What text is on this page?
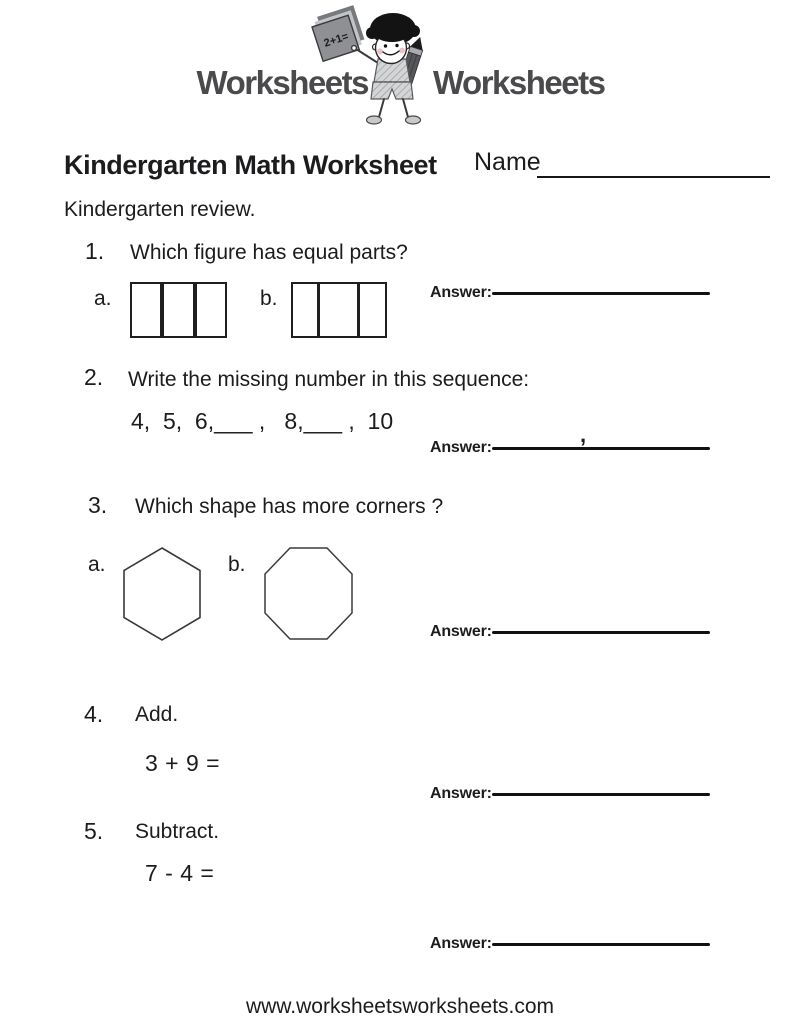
Worksheets Worksheets
2+1=
Kindergarten Math Worksheet Name
Kindergarten review.
1. Which figure has equal parts?
a.	b.	Answer:
2. Write the missing number in this sequence:
4,  5,  6,___ ,   8,___ ,  10
Answer:
,
3. Which shape has more corners ?
a.	b.
Answer:
4. Add.
3 + 9 =
Answer:
5. Subtract.
7 - 4 =
Answer:
www.worksheetsworksheets.com
